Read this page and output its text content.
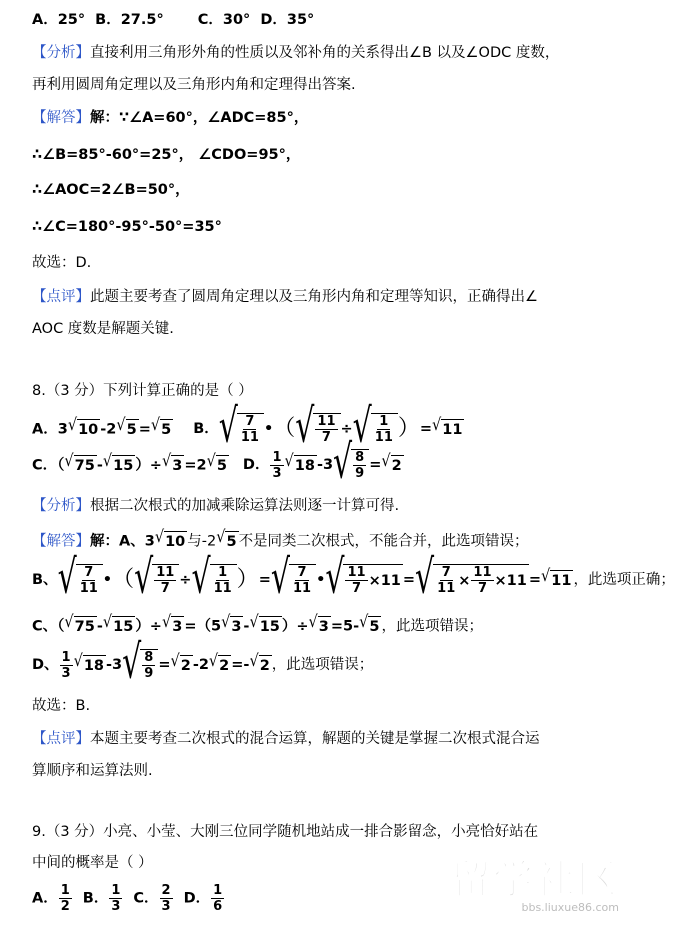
A．25° B．27.5° C．30° D．35°
【分析】直接利用三角形外角的性质以及邻补角的关系得出∠B 以及∠ODC 度数，
再利用圆周角定理以及三角形内角和定理得出答案.
【解答】解：∵∠A=60°，∠ADC=85°，
∴∠B=85°-60°=25°， ∠CDO=95°，
∴∠AOC=2∠B=50°，
∴∠C=180°-95°-50°=35°
故选：D.
【点评】此题主要考查了圆周角定理以及三角形内角和定理等知识，正确得出∠
AOC 度数是解题关键.
8.（3 分）下列计算正确的是（ ）
A．3 √ 10 -2 √ 5 = √ 5 B． √ $\frac{7}{11}$ •（ √ $\frac{11}{7}$ ÷ √ $\frac{1}{11}$ ）= √ 11
C．（ √ 75 - √ 15 ）÷ √ 3 =2 √ 5 D． $\frac{1}{3}$ √ 18 -3 √ $\frac{8}{9}$ = √ 2
【分析】根据二次根式的加减乘除运算法则逐一计算可得.
【解答】解：A、3 √ 10 与-2 √ 5 不是同类二次根式，不能合并，此选项错误；
B、 √ $\frac{7}{11}$ • （ √ $\frac{11}{7}$ ÷ √ $\frac{1}{11}$ ） = √ $\frac{7}{11}$ • √ $\frac{11}{7} \times 11$ = √ $\frac{7}{11} \times \frac{11}{7} \times 11$ = √ 11 ，此选项正确；
C、（ √ 75 - √ 15 ）÷ √ 3 =（5 √ 3 - √ 15 ）÷ √ 3 =5- √ 5 ，此选项错误；
D、 $\frac{1}{3}$ √ 18 -3 √ $\frac{8}{9}$ = √ 2 -2 √ 2 =- √ 2 ，此选项错误；
故选：B.
【点评】本题主要考查二次根式的混合运算，解题的关键是掌握二次根式混合运
算顺序和运算法则.
9.（3 分）小亮、小莹、大刚三位同学随机地站成一排合影留念，小亮恰好站在
中间的概率是（ ）
A． $\frac{1}{2}$ B． $\frac{1}{3}$ C． $\frac{2}{3}$ D． $\frac{1}{6}$	留学社区
bbs.liuxue86.com
